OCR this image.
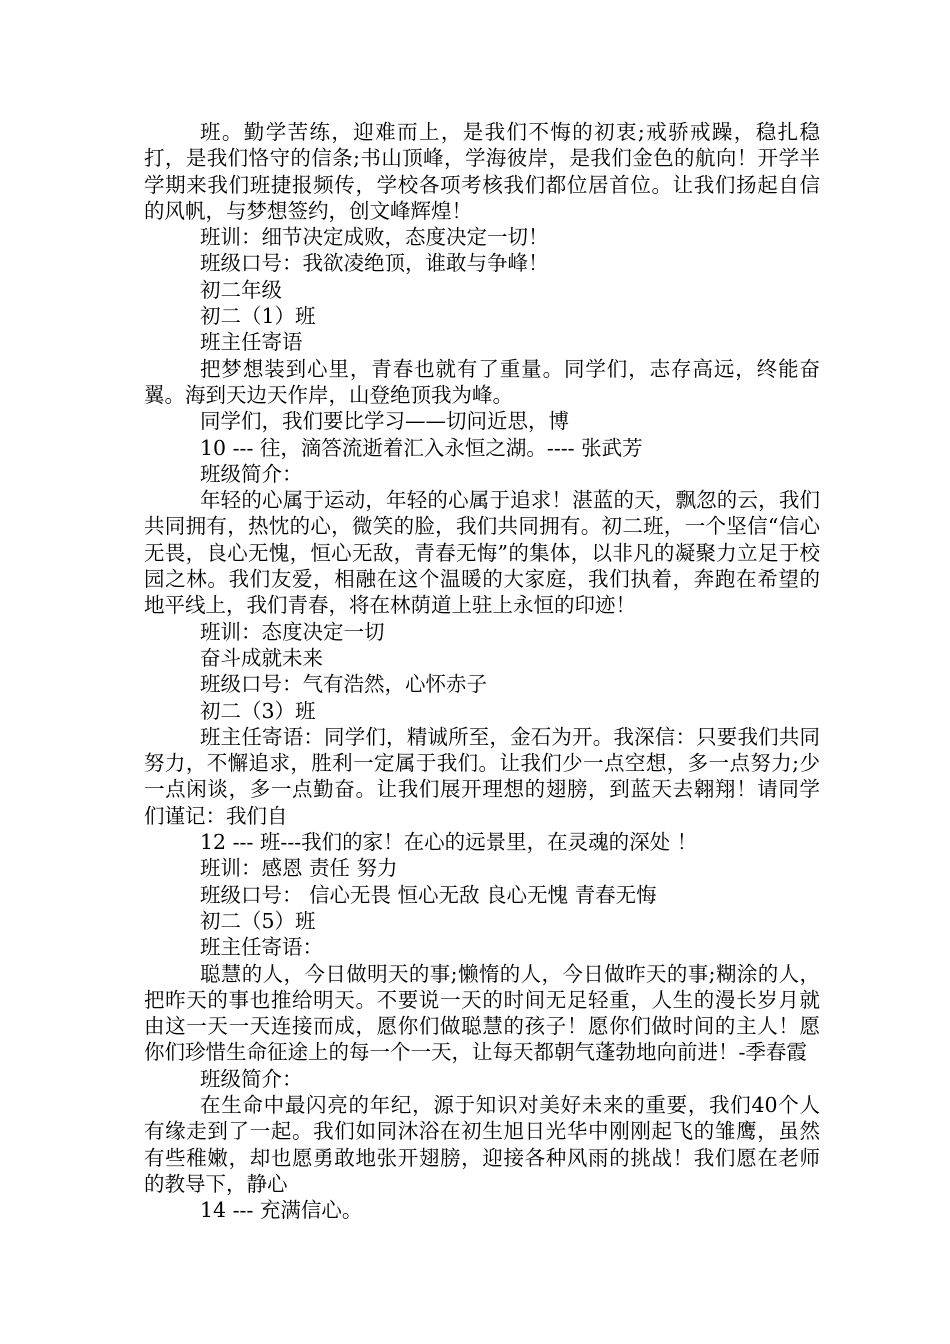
班。勤学苦练，迎难而上，是我们不悔的初衷;戒骄戒躁，稳扎稳打，是我们恪守的信条;书山顶峰，学海彼岸，是我们金色的航向！开学半学期来我们班捷报频传，学校各项考核我们都位居首位。让我们扬起自信的风帆，与梦想签约，创文峰辉煌！

班训：细节决定成败，态度决定一切！

班级口号：我欲凌绝顶，谁敢与争峰！

初二年级

初二（1）班

班主任寄语

把梦想装到心里，青春也就有了重量。同学们，志存高远，终能奋翼。海到天边天作岸，山登绝顶我为峰。

同学们，我们要比学习——切问近思，博

10 --- 往，滴答流逝着汇入永恒之湖。---- 张武芳

班级简介：

年轻的心属于运动，年轻的心属于追求！湛蓝的天，飘忽的云，我们共同拥有，热忱的心，微笑的脸，我们共同拥有。初二班，一个坚信“信心无畏，良心无愧，恒心无敌，青春无悔”的集体，以非凡的凝聚力立足于校园之林。我们友爱，相融在这个温暖的大家庭，我们执着，奔跑在希望的地平线上，我们青春，将在林荫道上驻上永恒的印迹！

班训：态度决定一切

奋斗成就未来

班级口号：气有浩然，心怀赤子

初二（3）班

班主任寄语：同学们，精诚所至，金石为开。我深信：只要我们共同努力，不懈追求，胜利一定属于我们。让我们少一点空想，多一点努力;少一点闲谈，多一点勤奋。让我们展开理想的翅膀，到蓝天去翱翔！请同学们谨记：我们自

12 --- 班---我们的家！在心的远景里，在灵魂的深处 ！

班训：感恩 责任 努力

班级口号： 信心无畏 恒心无敌 良心无愧 青春无悔

初二（5）班

班主任寄语：

聪慧的人，今日做明天的事;懒惰的人，今日做昨天的事;糊涂的人，把昨天的事也推给明天。不要说一天的时间无足轻重，人生的漫长岁月就由这一天一天连接而成，愿你们做聪慧的孩子！愿你们做时间的主人！愿你们珍惜生命征途上的每一个一天，让每天都朝气蓬勃地向前进！-季春霞

班级简介：

在生命中最闪亮的年纪，源于知识对美好未来的重要，我们40个人有缘走到了一起。我们如同沐浴在初生旭日光华中刚刚起飞的雏鹰，虽然有些稚嫩，却也愿勇敢地张开翅膀，迎接各种风雨的挑战！我们愿在老师的教导下，静心

14 --- 充满信心。
